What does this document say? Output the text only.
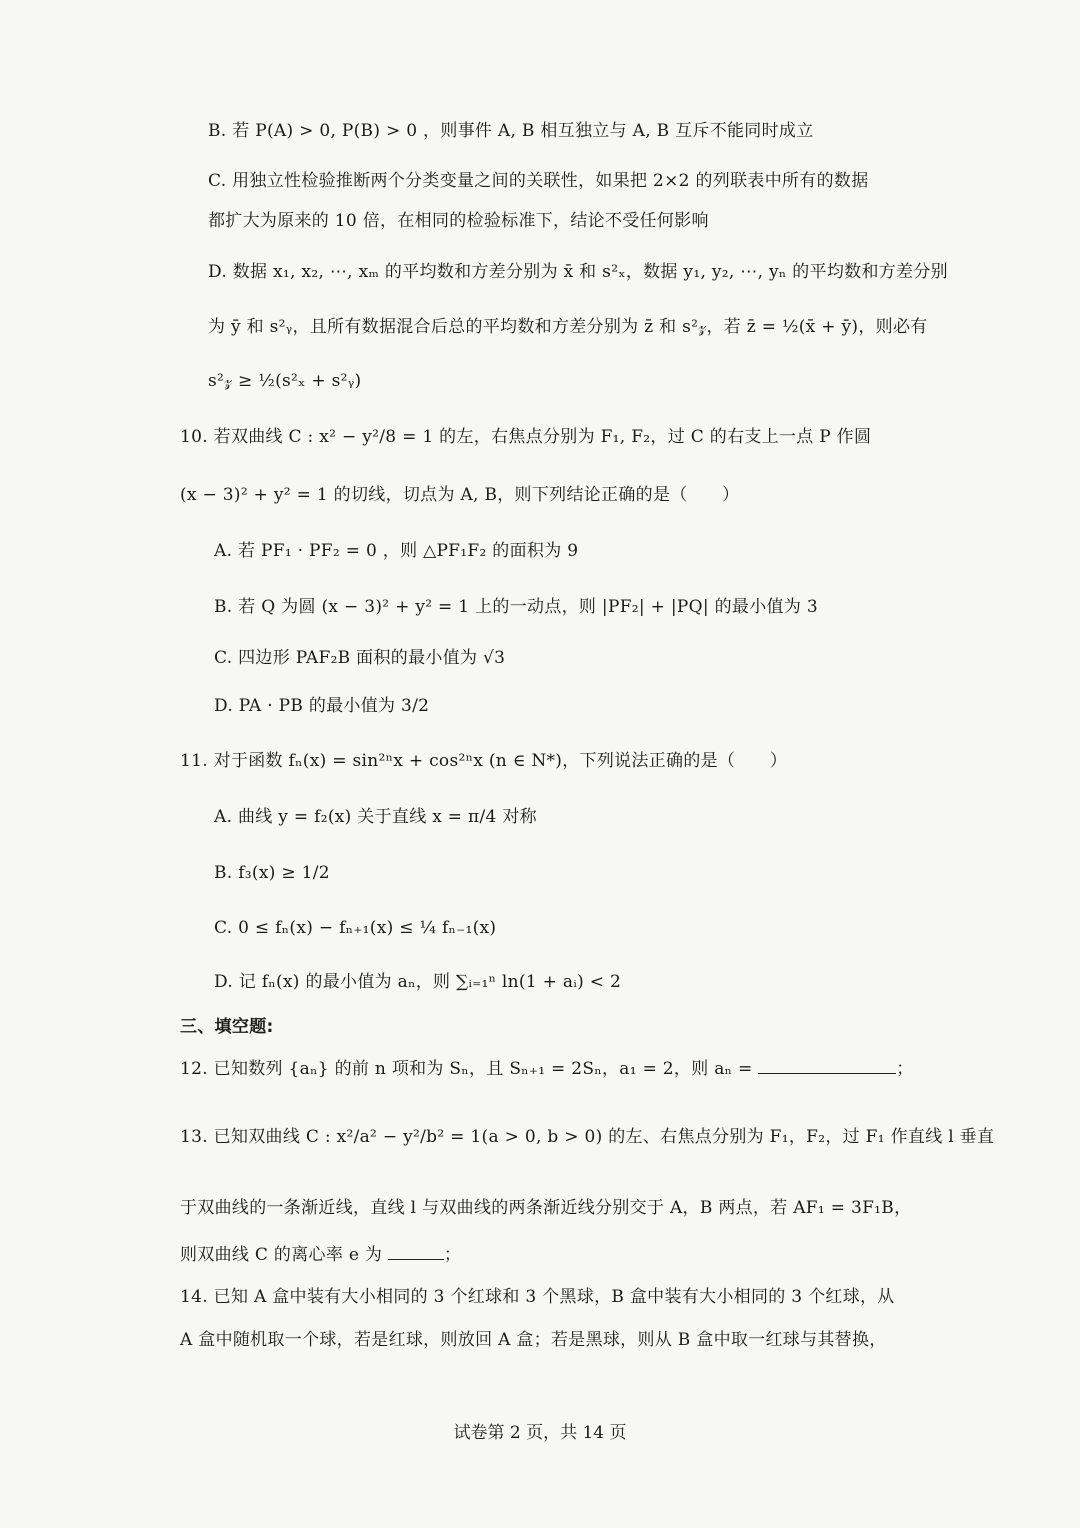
B. 若 P(A) > 0, P(B) > 0 ，则事件 A, B 相互独立与 A, B 互斥不能同时成立
C. 用独立性检验推断两个分类变量之间的关联性，如果把 2×2 的列联表中所有的数据
都扩大为原来的 10 倍，在相同的检验标准下，结论不受任何影响
D. 数据 x₁, x₂, ⋯, xₘ 的平均数和方差分别为 x̄ 和 s²ₓ，数据 y₁, y₂, ⋯, yₙ 的平均数和方差分别
为 ȳ 和 s²ᵧ，且所有数据混合后总的平均数和方差分别为 z̄ 和 s²𝓏，若 z̄ = ½(x̄ + ȳ)，则必有
s²𝓏 ≥ ½(s²ₓ + s²ᵧ)
10. 若双曲线 C : x² − y²/8 = 1 的左，右焦点分别为 F₁, F₂，过 C 的右支上一点 P 作圆
(x − 3)² + y² = 1 的切线，切点为 A, B，则下列结论正确的是（　　）
A. 若 PF₁ · PF₂ = 0 ，则 △PF₁F₂ 的面积为 9
B. 若 Q 为圆 (x − 3)² + y² = 1 上的一动点，则 |PF₂| + |PQ| 的最小值为 3
C. 四边形 PAF₂B 面积的最小值为 √3
D. PA · PB 的最小值为 3/2
11. 对于函数 fₙ(x) = sin²ⁿx + cos²ⁿx (n ∈ N*)，下列说法正确的是（　　）
A. 曲线 y = f₂(x) 关于直线 x = π/4 对称
B. f₃(x) ≥ 1/2
C. 0 ≤ fₙ(x) − fₙ₊₁(x) ≤ ¼ fₙ₋₁(x)
D. 记 fₙ(x) 的最小值为 aₙ，则 ∑ᵢ₌₁ⁿ ln(1 + aᵢ) < 2
三、填空题:
12. 已知数列 {aₙ} 的前 n 项和为 Sₙ，且 Sₙ₊₁ = 2Sₙ，a₁ = 2，则 aₙ =	；
13. 已知双曲线 C : x²/a² − y²/b² = 1(a > 0, b > 0) 的左、右焦点分别为 F₁，F₂，过 F₁ 作直线 l 垂直
于双曲线的一条渐近线，直线 l 与双曲线的两条渐近线分别交于 A，B 两点，若 AF₁ = 3F₁B，
则双曲线 C 的离心率 e 为	；
14. 已知 A 盒中装有大小相同的 3 个红球和 3 个黑球，B 盒中装有大小相同的 3 个红球，从
A 盒中随机取一个球，若是红球，则放回 A 盒；若是黑球，则从 B 盒中取一红球与其替换，
试卷第 2 页，共 14 页
